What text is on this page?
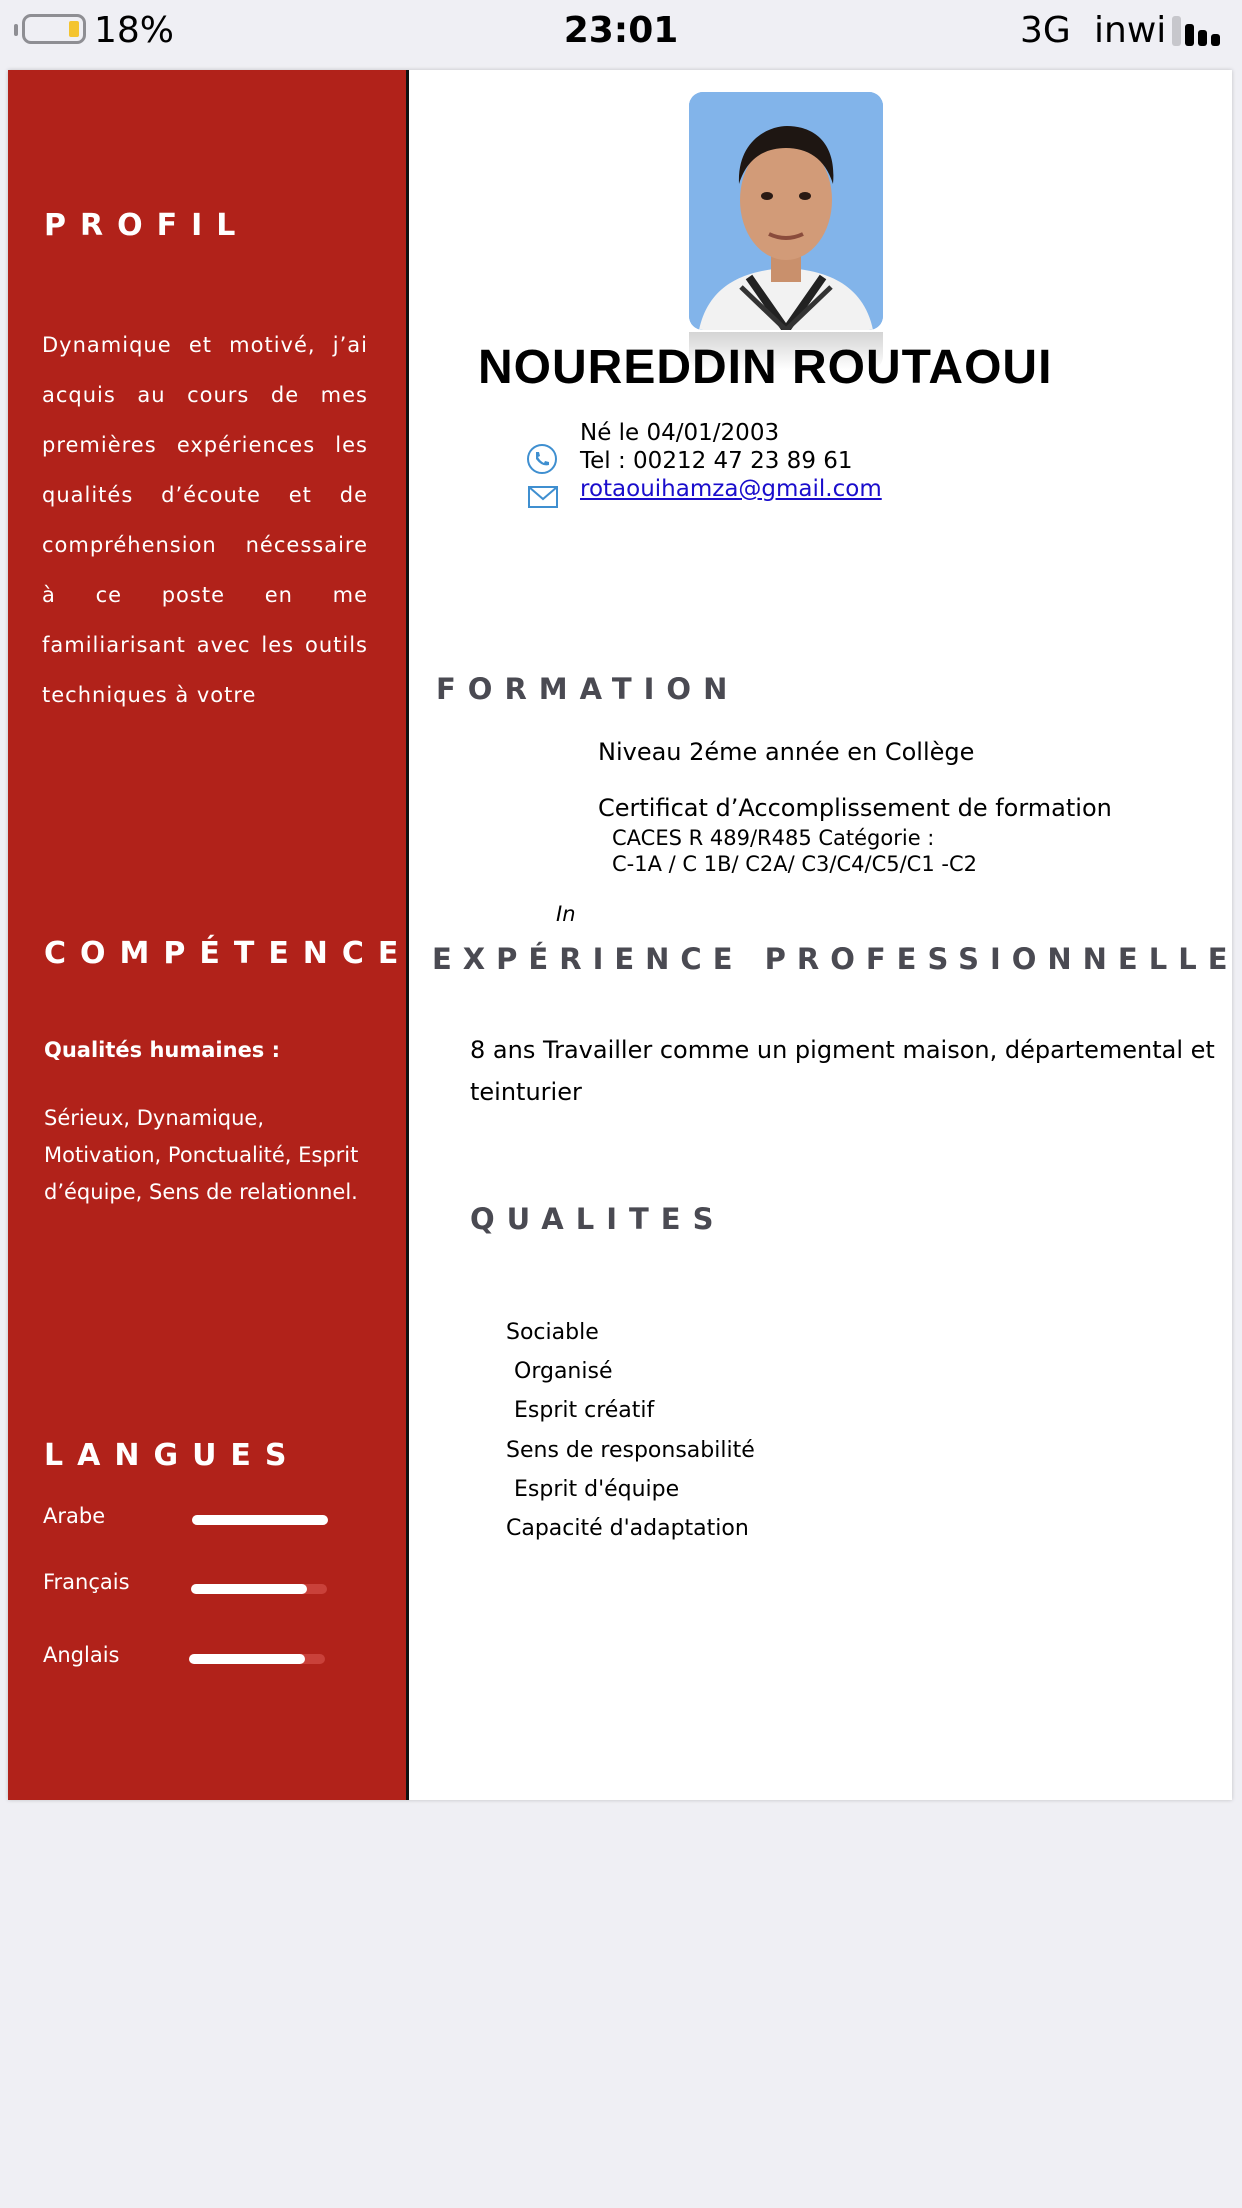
18%	23:01	3G inwi
PROFIL
Dynamique et motivé, j’ai acquis au cours de mes premières expériences les qualités d’écoute et de compréhension nécessaire à ce poste en me familiarisant avec les outils techniques à votre
COMPÉTENCES
Qualités humaines :
Sérieux, Dynamique, Motivation, Ponctualité, Esprit d’équipe, Sens de relationnel.
LANGUES
Arabe
Français
Anglais
NOUREDDIN ROUTAOUI
Né le 04/01/2003
Tel : 00212 47 23 89 61
rotaouihamza@gmail.com
FORMATION
Niveau 2éme année en Collège
Certificat d’Accomplissement de formation
CACES R 489/R485 Catégorie :
C-1A / C 1B/ C2A/ C3/C4/C5/C1 -C2
In
EXPÉRIENCE PROFESSIONNELLE
8 ans Travailler comme un pigment maison, départemental et
teinturier
QUALITES
Sociable
Organisé
Esprit créatif
Sens de responsabilité
Esprit d'équipe
Capacité d'adaptation
